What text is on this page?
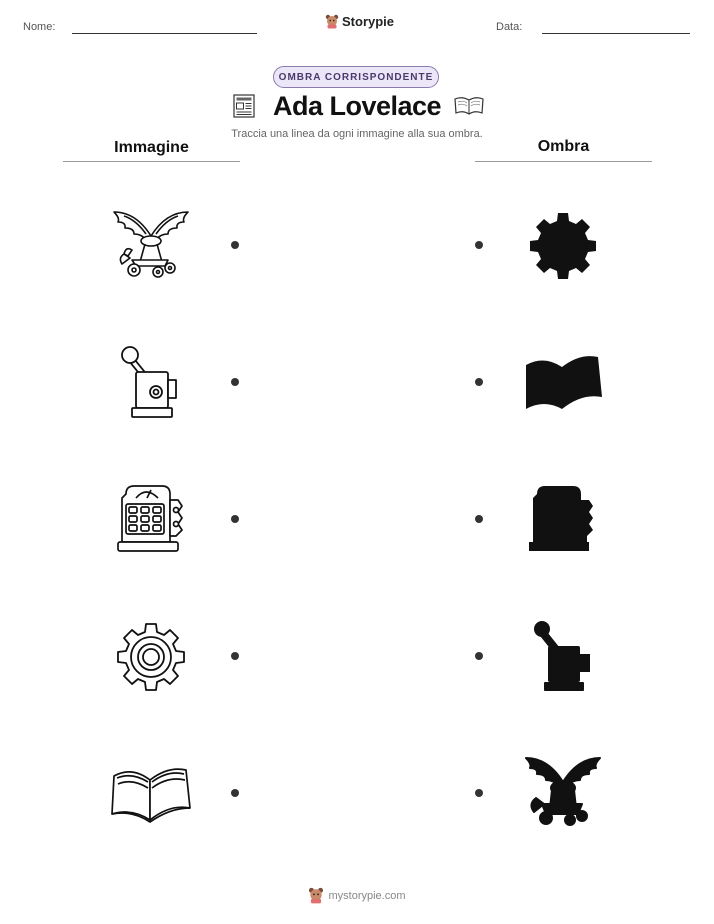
Nome:	Storypie	Data:
OMBRA CORRISPONDENTE
Ada Lovelace
Traccia una linea da ogni immagine alla sua ombra.
Immagine	Ombra
mystorypie.com
